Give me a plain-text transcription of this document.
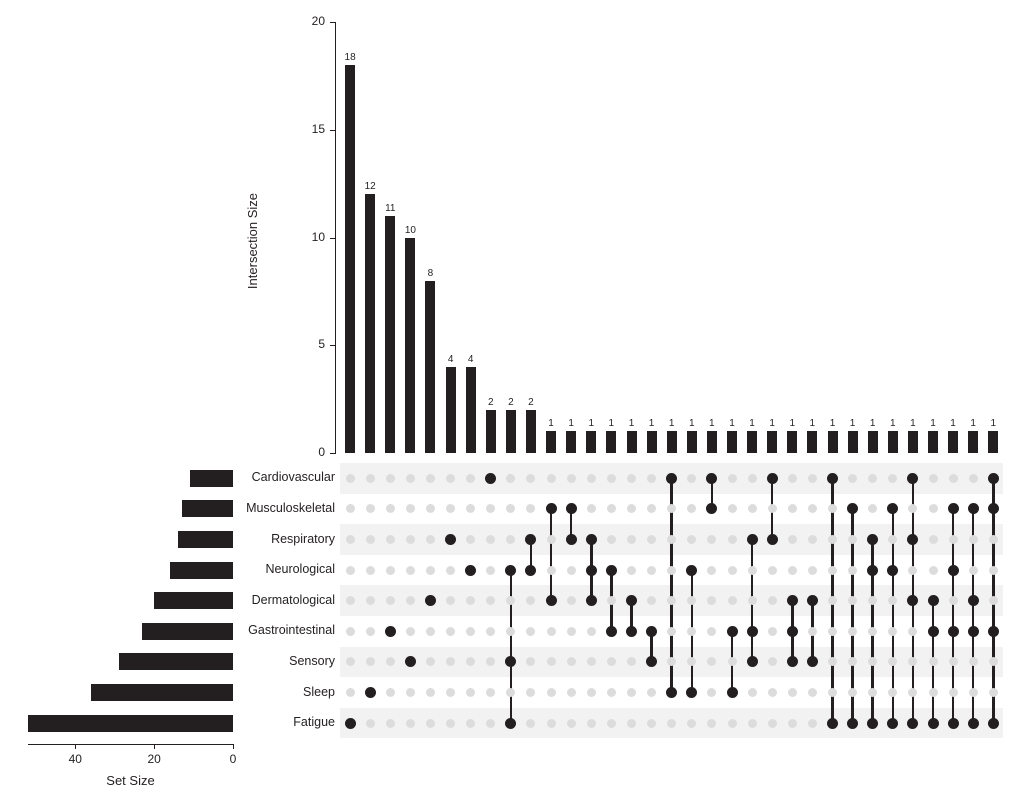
0
5
10
15
20
Intersection Size
18
12
11
10
8
4	4
2	2	2
1	1	1	1	1	1	1	1	1	1	1	1	1	1	1	1	1	1	1	1	1	1	1
Cardiovascular
Musculoskeletal
Respiratory
Neurological
Dermatological
Gastrointestinal
Sensory
Sleep
Fatigue
0
20
40
Set Size
